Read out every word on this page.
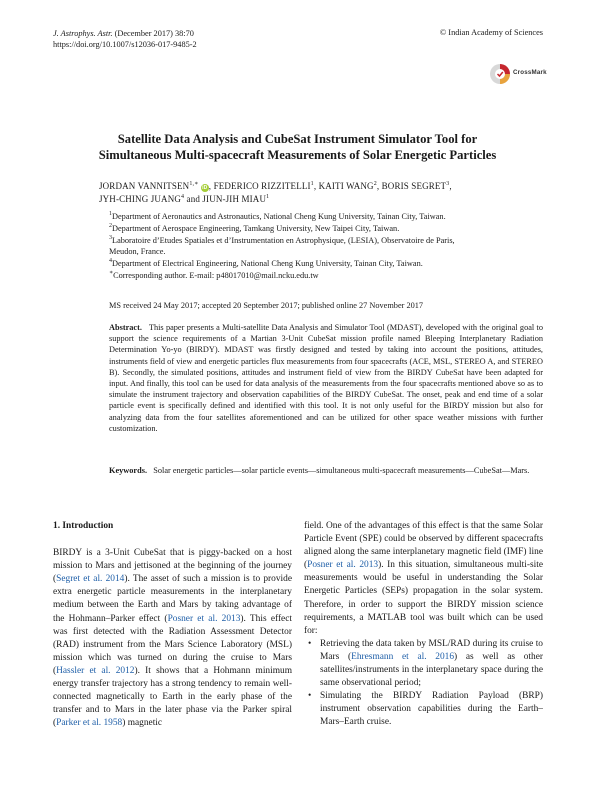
J. Astrophys. Astr. (December 2017) 38:70
https://doi.org/10.1007/s12036-017-9485-2
© Indian Academy of Sciences
CrossMark
Satellite Data Analysis and CubeSat Instrument Simulator Tool for
Simultaneous Multi-spacecraft Measurements of Solar Energetic Particles
JORDAN $VANNITSEN^{1,∗}$ iD, FEDERICO RIZZITELLI$^1$, KAITI WANG$^2$, BORIS SEGRET$^3$,
JYH-CHING JUANG$^4$ and JIUN-JIH MIAU$^1$
$^1$Department of Aeronautics and Astronautics, National Cheng Kung University, Tainan City, Taiwan.
$^2$Department of Aerospace Engineering, Tamkang University, New Taipei City, Taiwan.
$^3$Laboratoire d’Etudes Spatiales et d’Instrumentation en Astrophysique, (LESIA), Observatoire de Paris,
Meudon, France.
$^4$Department of Electrical Engineering, National Cheng Kung University, Tainan City, Taiwan.
∗Corresponding author. E-mail: p48017010@mail.ncku.edu.tw
MS received 24 May 2017; accepted 20 September 2017; published online 27 November 2017

Abstract. This paper presents a Multi-satellite Data Analysis and Simulator Tool (MDAST), developed with the original goal to support the science requirements of a Martian 3-Unit CubeSat mission profile named Bleeping Interplanetary Radiation Determination Yo-yo (BIRDY). MDAST was firstly designed and tested by taking into account the positions, attitudes, instruments field of view and energetic particles flux measurements from four spacecrafts (ACE, MSL, STEREO A, and STEREO B). Secondly, the simulated positions, attitudes and instrument field of view from the BIRDY CubeSat have been adapted for input. And finally, this tool can be used for data analysis of the measurements from the four spacecrafts mentioned above so as to simulate the instrument trajectory and observation capabilities of the BIRDY CubeSat. The onset, peak and end time of a solar particle event is specifically defined and identified with this tool. It is not only useful for the BIRDY mission but also for analyzing data from the four satellites aforementioned and can be utilized for other space weather missions with further customization.

Keywords. Solar energetic particles—solar particle events—simultaneous multi-spacecraft measurements—CubeSat—Mars.

1. Introduction

BIRDY is a 3-Unit CubeSat that is piggy-backed on a host mission to Mars and jettisoned at the beginning of the journey (Segret et al. 2014). The asset of such a mission is to provide extra energetic particle measurements in the interplanetary medium between the Earth and Mars by taking advantage of the Hohmann–Parker effect (Posner et al. 2013). This effect was first detected with the Radiation Assessment Detector (RAD) instrument from the Mars Science Laboratory (MSL) mission which was turned on during the cruise to Mars (Hassler et al. 2012). It shows that a Hohmann minimum energy transfer trajectory has a strong tendency to remain well-connected magnetically to Earth in the early phase of the transfer and to Mars in the later phase via the Parker spiral (Parker et al. 1958) magnetic

field. One of the advantages of this effect is that the same Solar Particle Event (SPE) could be observed by different spacecrafts aligned along the same interplanetary magnetic field (IMF) line (Posner et al. 2013). In this situation, simultaneous multi-site measurements would be useful in understanding the Solar Energetic Particles (SEPs) propagation in the solar system. Therefore, in order to support the BIRDY mission science requirements, a MATLAB tool was built which can be used for:

• Retrieving the data taken by MSL/RAD during its cruise to Mars (Ehresmann et al. 2016) as well as other satellites/instruments in the interplanetary space during the same observational period;
• Simulating the BIRDY Radiation Payload (BRP) instrument observation capabilities during the Earth–Mars–Earth cruise.
